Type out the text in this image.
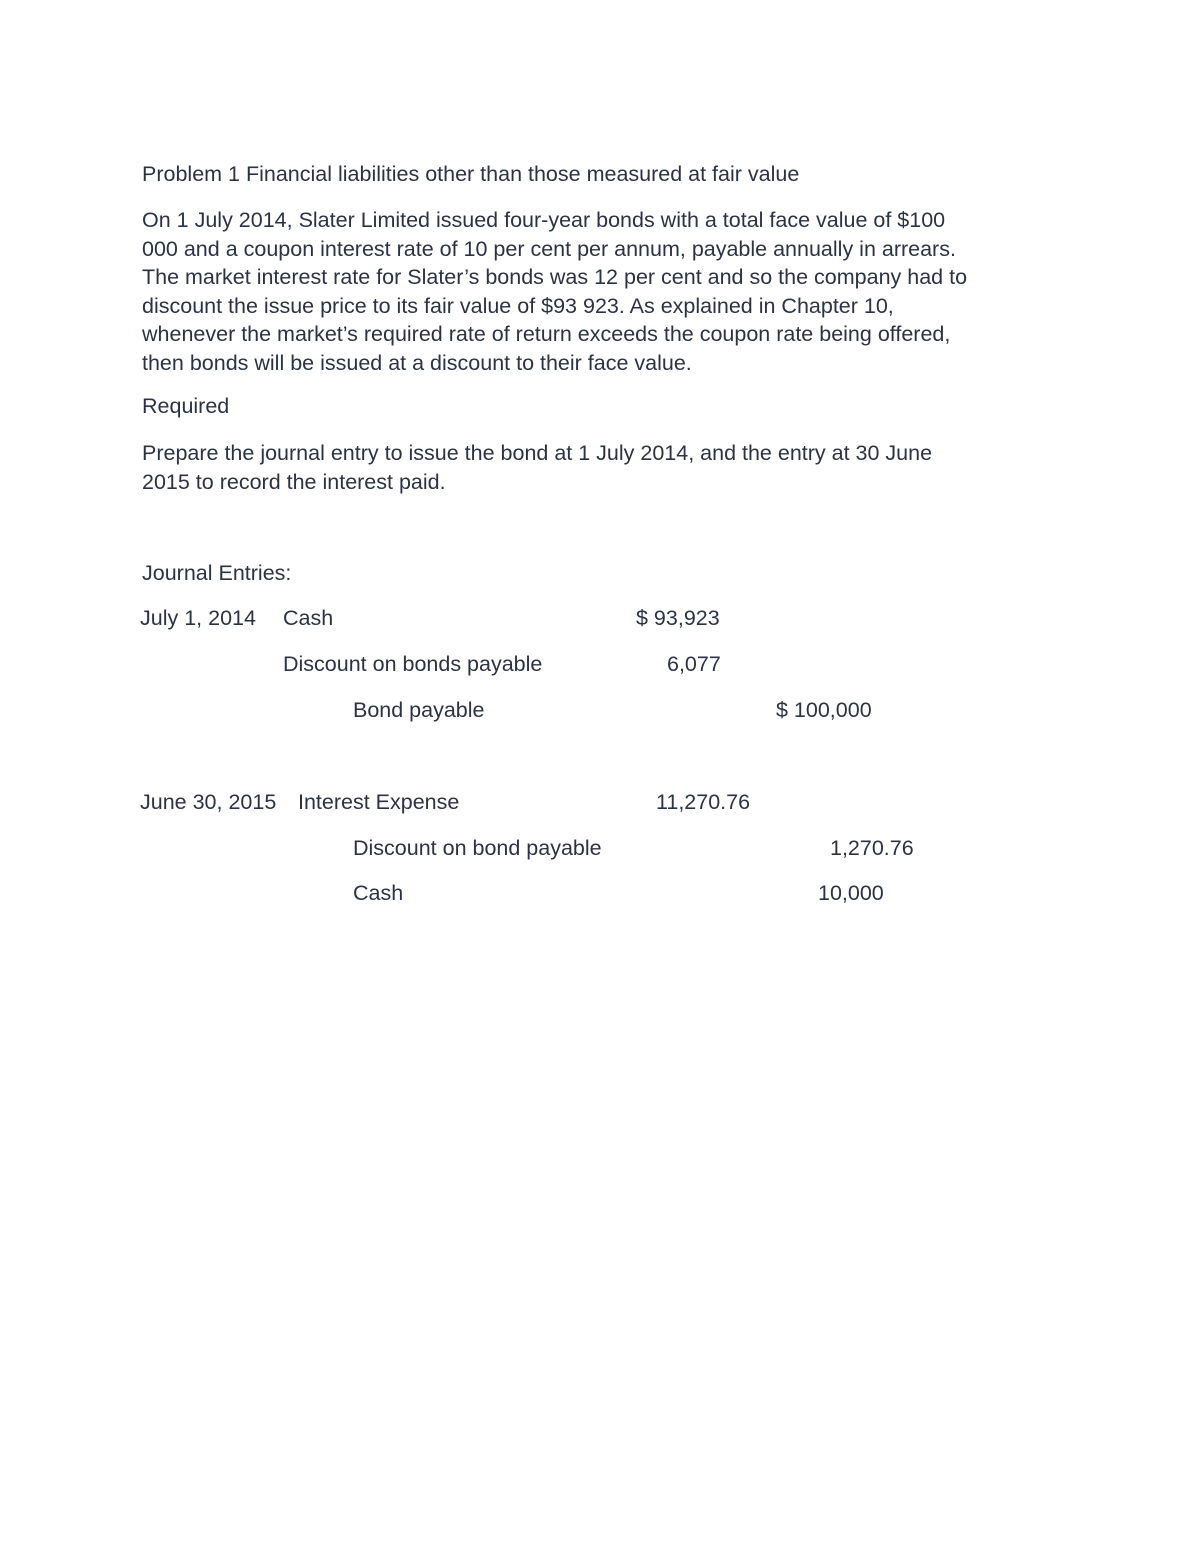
Problem 1 Financial liabilities other than those measured at fair value
On 1 July 2014, Slater Limited issued four-year bonds with a total face value of $100
000 and a coupon interest rate of 10 per cent per annum, payable annually in arrears.
The market interest rate for Slater’s bonds was 12 per cent and so the company had to
discount the issue price to its fair value of $93 923. As explained in Chapter 10,
whenever the market’s required rate of return exceeds the coupon rate being offered,
then bonds will be issued at a discount to their face value.
Required
Prepare the journal entry to issue the bond at 1 July 2014, and the entry at 30 June
2015 to record the interest paid.
Journal Entries:
July 1, 2014 Cash	$ 93,923
Discount on bonds payable	6,077
Bond payable	$ 100,000
June 30, 2015 Interest Expense	11,270.76
Discount on bond payable	1,270.76
Cash	10,000
